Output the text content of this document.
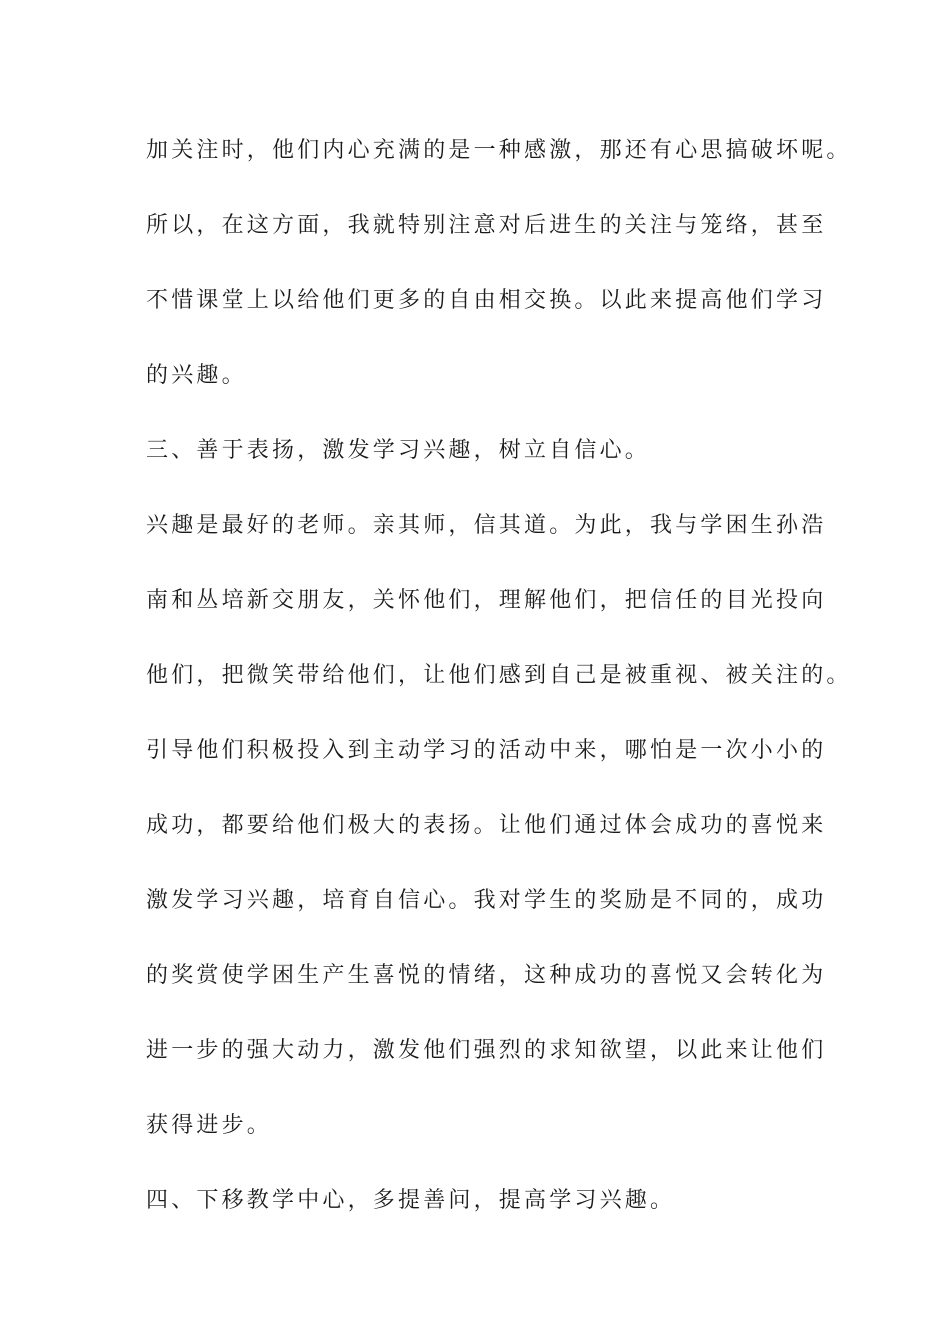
加关注时，他们内心充满的是一种感激，那还有心思搞破坏呢。

所以，在这方面，我就特别注意对后进生的关注与笼络，甚至

不惜课堂上以给他们更多的自由相交换。以此来提高他们学习

的兴趣。

三、善于表扬，激发学习兴趣，树立自信心。

兴趣是最好的老师。亲其师，信其道。为此，我与学困生孙浩

南和丛培新交朋友，关怀他们，理解他们，把信任的目光投向

他们，把微笑带给他们，让他们感到自己是被重视、被关注的。

引导他们积极投入到主动学习的活动中来，哪怕是一次小小的

成功，都要给他们极大的表扬。让他们通过体会成功的喜悦来

激发学习兴趣，培育自信心。我对学生的奖励是不同的，成功

的奖赏使学困生产生喜悦的情绪，这种成功的喜悦又会转化为

进一步的强大动力，激发他们强烈的求知欲望，以此来让他们

获得进步。

四、下移教学中心，多提善问，提高学习兴趣。
